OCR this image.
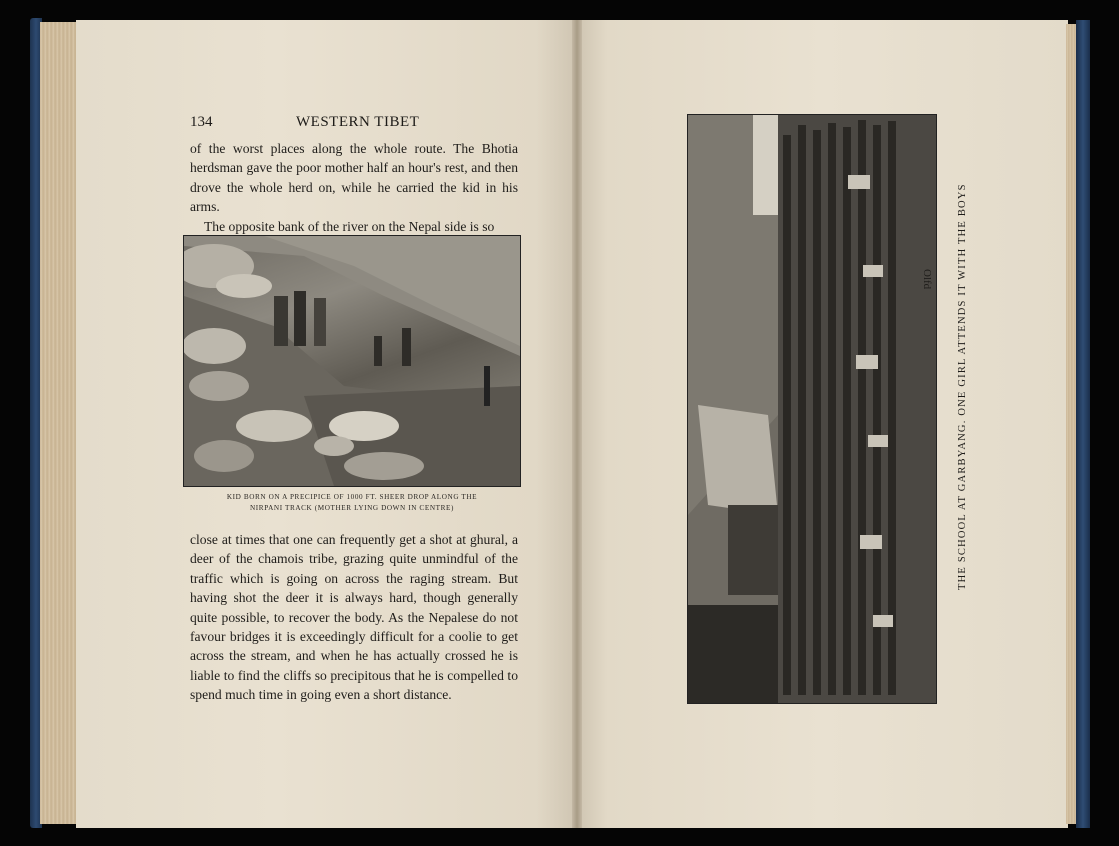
134	WESTERN TIBET

of the worst places along the whole route. The Bhotia herdsman gave the poor mother half an hour's rest, and then drove the whole herd on, while he carried the kid in his arms.
The opposite bank of the river on the Nepal side is so

KID BORN ON A PRECIPICE OF 1000 FT. SHEER DROP ALONG THE
NIRPANI TRACK (MOTHER LYING DOWN IN CENTRE)

close at times that one can frequently get a shot at ghural, a deer of the chamois tribe, grazing quite unmindful of the traffic which is going on across the raging stream. But having shot the deer it is always hard, though generally quite possible, to recover the body. As the Nepalese do not favour bridges it is exceedingly difficult for a coolie to get across the stream, and when he has actually crossed he is liable to find the cliffs so precipitous that he is compelled to spend much time in going even a short distance.

THE SCHOOL AT GARBYANG. ONE GIRL ATTENDS IT WITH THE BOYS
Olfd
